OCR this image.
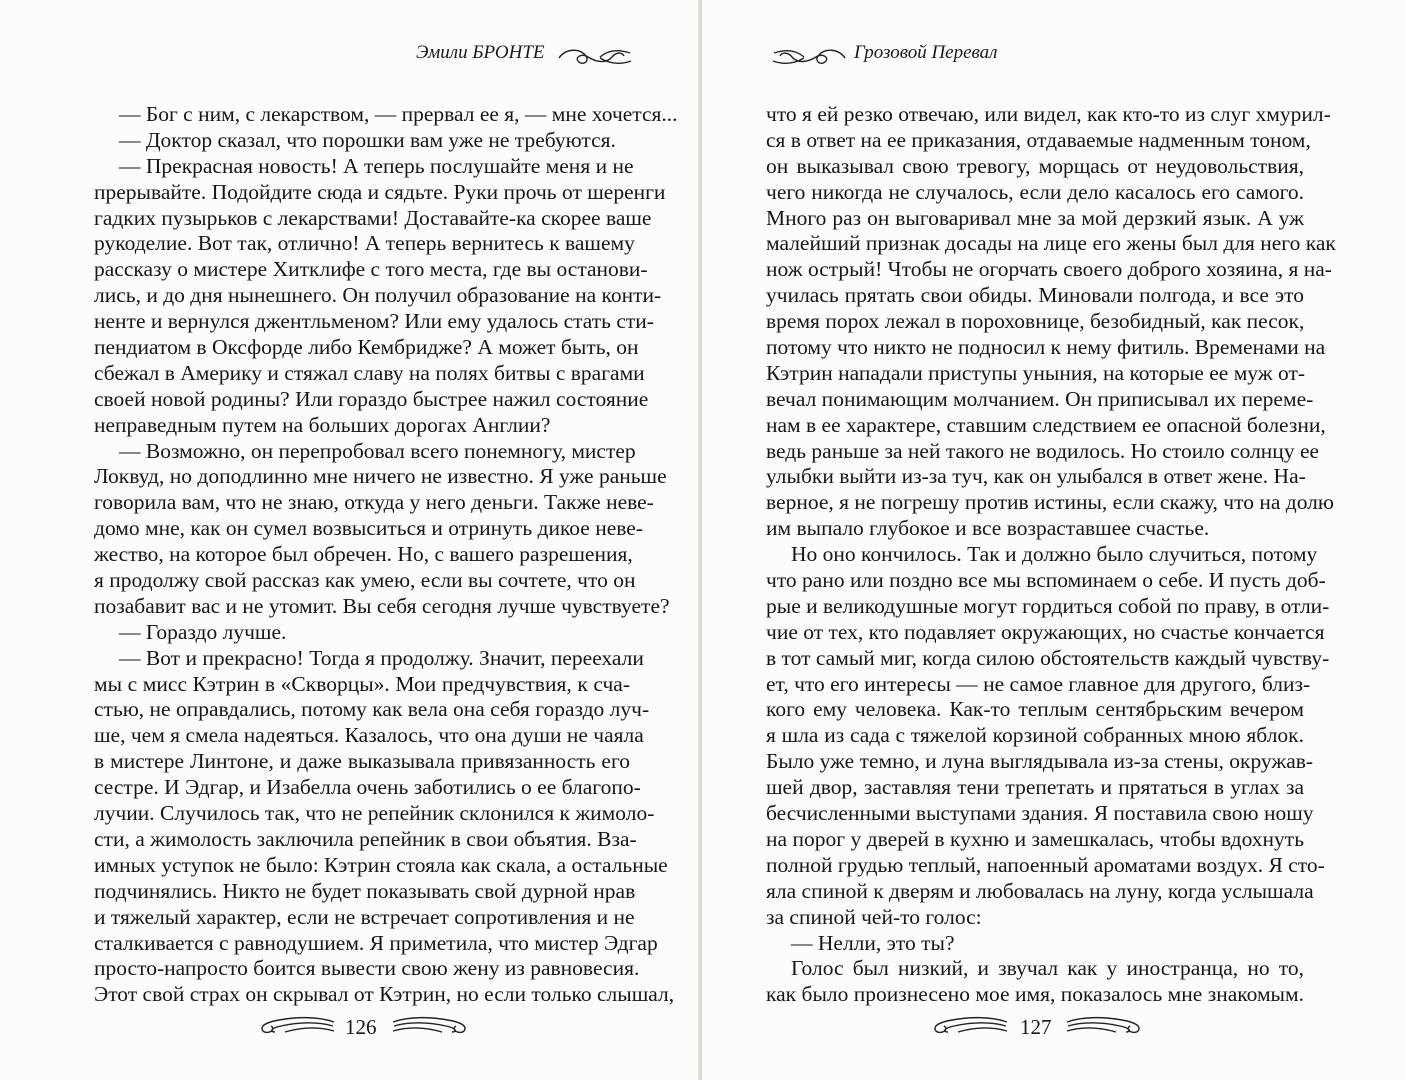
Эмили БРОНТЕ
— Бог с ним, с лекарством, — прервал ее я, — мне хочется...
— Доктор сказал, что порошки вам уже не требуются.
— Прекрасная новость! А теперь послушайте меня и не
прерывайте. Подойдите сюда и сядьте. Руки прочь от шеренги
гадких пузырьков с лекарствами! Доставайте-ка скорее ваше
рукоделие. Вот так, отлично! А теперь вернитесь к вашему
рассказу о мистере Хитклифе с того места, где вы останови-
лись, и до дня нынешнего. Он получил образование на конти-
ненте и вернулся джентльменом? Или ему удалось стать сти-
пендиатом в Оксфорде либо Кембридже? А может быть, он
сбежал в Америку и стяжал славу на полях битвы с врагами
своей новой родины? Или гораздо быстрее нажил состояние
неправедным путем на больших дорогах Англии?
— Возможно, он перепробовал всего понемногу, мистер
Локвуд, но доподлинно мне ничего не известно. Я уже раньше
говорила вам, что не знаю, откуда у него деньги. Также неве-
домо мне, как он сумел возвыситься и отринуть дикое неве-
жество, на которое был обречен. Но, с вашего разрешения,
я продолжу свой рассказ как умею, если вы сочтете, что он
позабавит вас и не утомит. Вы себя сегодня лучше чувствуете?
— Гораздо лучше.
— Вот и прекрасно! Тогда я продолжу. Значит, переехали
мы с мисс Кэтрин в «Скворцы». Мои предчувствия, к сча-
стью, не оправдались, потому как вела она себя гораздо луч-
ше, чем я смела надеяться. Казалось, что она души не чаяла
в мистере Линтоне, и даже выказывала привязанность его
сестре. И Эдгар, и Изабелла очень заботились о ее благопо-
лучии. Случилось так, что не репейник склонился к жимоло-
сти, а жимолость заключила репейник в свои объятия. Вза-
имных уступок не было: Кэтрин стояла как скала, а остальные
подчинялись. Никто не будет показывать свой дурной нрав
и тяжелый характер, если не встречает сопротивления и не
сталкивается с равнодушием. Я приметила, что мистер Эдгар
просто-напросто боится вывести свою жену из равновесия.
Этот свой страх он скрывал от Кэтрин, но если только слышал,
126
Грозовой Перевал
что я ей резко отвечаю, или видел, как кто-то из слуг хмурил-
ся в ответ на ее приказания, отдаваемые надменным тоном,
он выказывал свою тревогу, морщась от неудовольствия,
чего никогда не случалось, если дело касалось его самого.
Много раз он выговаривал мне за мой дерзкий язык. А уж
малейший признак досады на лице его жены был для него как
нож острый! Чтобы не огорчать своего доброго хозяина, я на-
училась прятать свои обиды. Миновали полгода, и все это
время порох лежал в пороховнице, безобидный, как песок,
потому что никто не подносил к нему фитиль. Временами на
Кэтрин нападали приступы уныния, на которые ее муж от-
вечал понимающим молчанием. Он приписывал их переме-
нам в ее характере, ставшим следствием ее опасной болезни,
ведь раньше за ней такого не водилось. Но стоило солнцу ее
улыбки выйти из-за туч, как он улыбался в ответ жене. На-
верное, я не погрешу против истины, если скажу, что на долю
им выпало глубокое и все возраставшее счастье.
Но оно кончилось. Так и должно было случиться, потому
что рано или поздно все мы вспоминаем о себе. И пусть доб-
рые и великодушные могут гордиться собой по праву, в отли-
чие от тех, кто подавляет окружающих, но счастье кончается
в тот самый миг, когда силою обстоятельств каждый чувству-
ет, что его интересы — не самое главное для другого, близ-
кого ему человека. Как-то теплым сентябрьским вечером
я шла из сада с тяжелой корзиной собранных мною яблок.
Было уже темно, и луна выглядывала из-за стены, окружав-
шей двор, заставляя тени трепетать и прятаться в углах за
бесчисленными выступами здания. Я поставила свою ношу
на порог у дверей в кухню и замешкалась, чтобы вдохнуть
полной грудью теплый, напоенный ароматами воздух. Я сто-
яла спиной к дверям и любовалась на луну, когда услышала
за спиной чей-то голос:
— Нелли, это ты?
Голос был низкий, и звучал как у иностранца, но то,
как было произнесено мое имя, показалось мне знакомым.
127
